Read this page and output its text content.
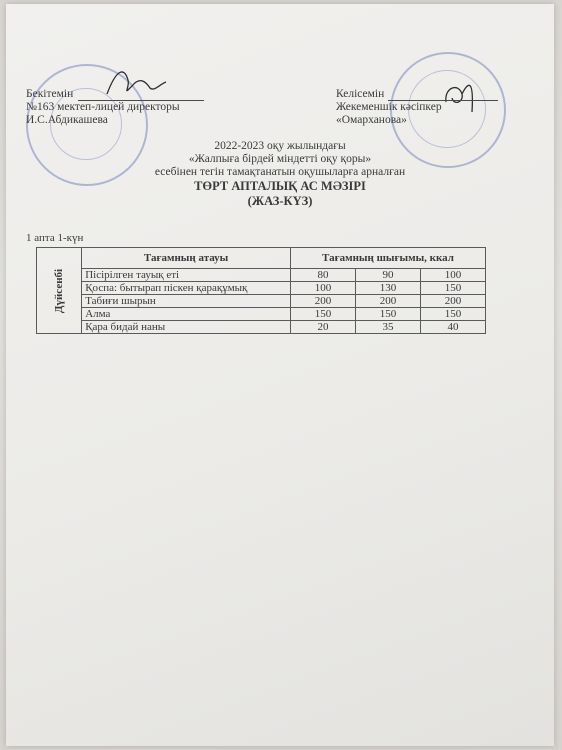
Бекітемін
№163 мектеп-лицей директоры
И.С.Абдикашева
Келісемін
Жекеменшік кәсіпкер
«Омарханова»
2022-2023 оқу жылындағы
«Жалпыға бірдей міндетті оқу қоры»
есебінен тегін тамақтанатын оқушыларға арналған
ТӨРТ АПТАЛЫҚ АС МӘЗІРІ
(ЖАЗ-КҮЗ)
1 апта 1-күн
Дүйсенбі	Тағамның атауы	Тағамның шығымы, ккал		
	Пісірілген тауық еті	80	90	100
	Қоспа: бытырап піскен қарақұмық	100	130	150
	Табиғи шырын	200	200	200
	Алма	150	150	150
	Қара бидай наны	20	35	40
